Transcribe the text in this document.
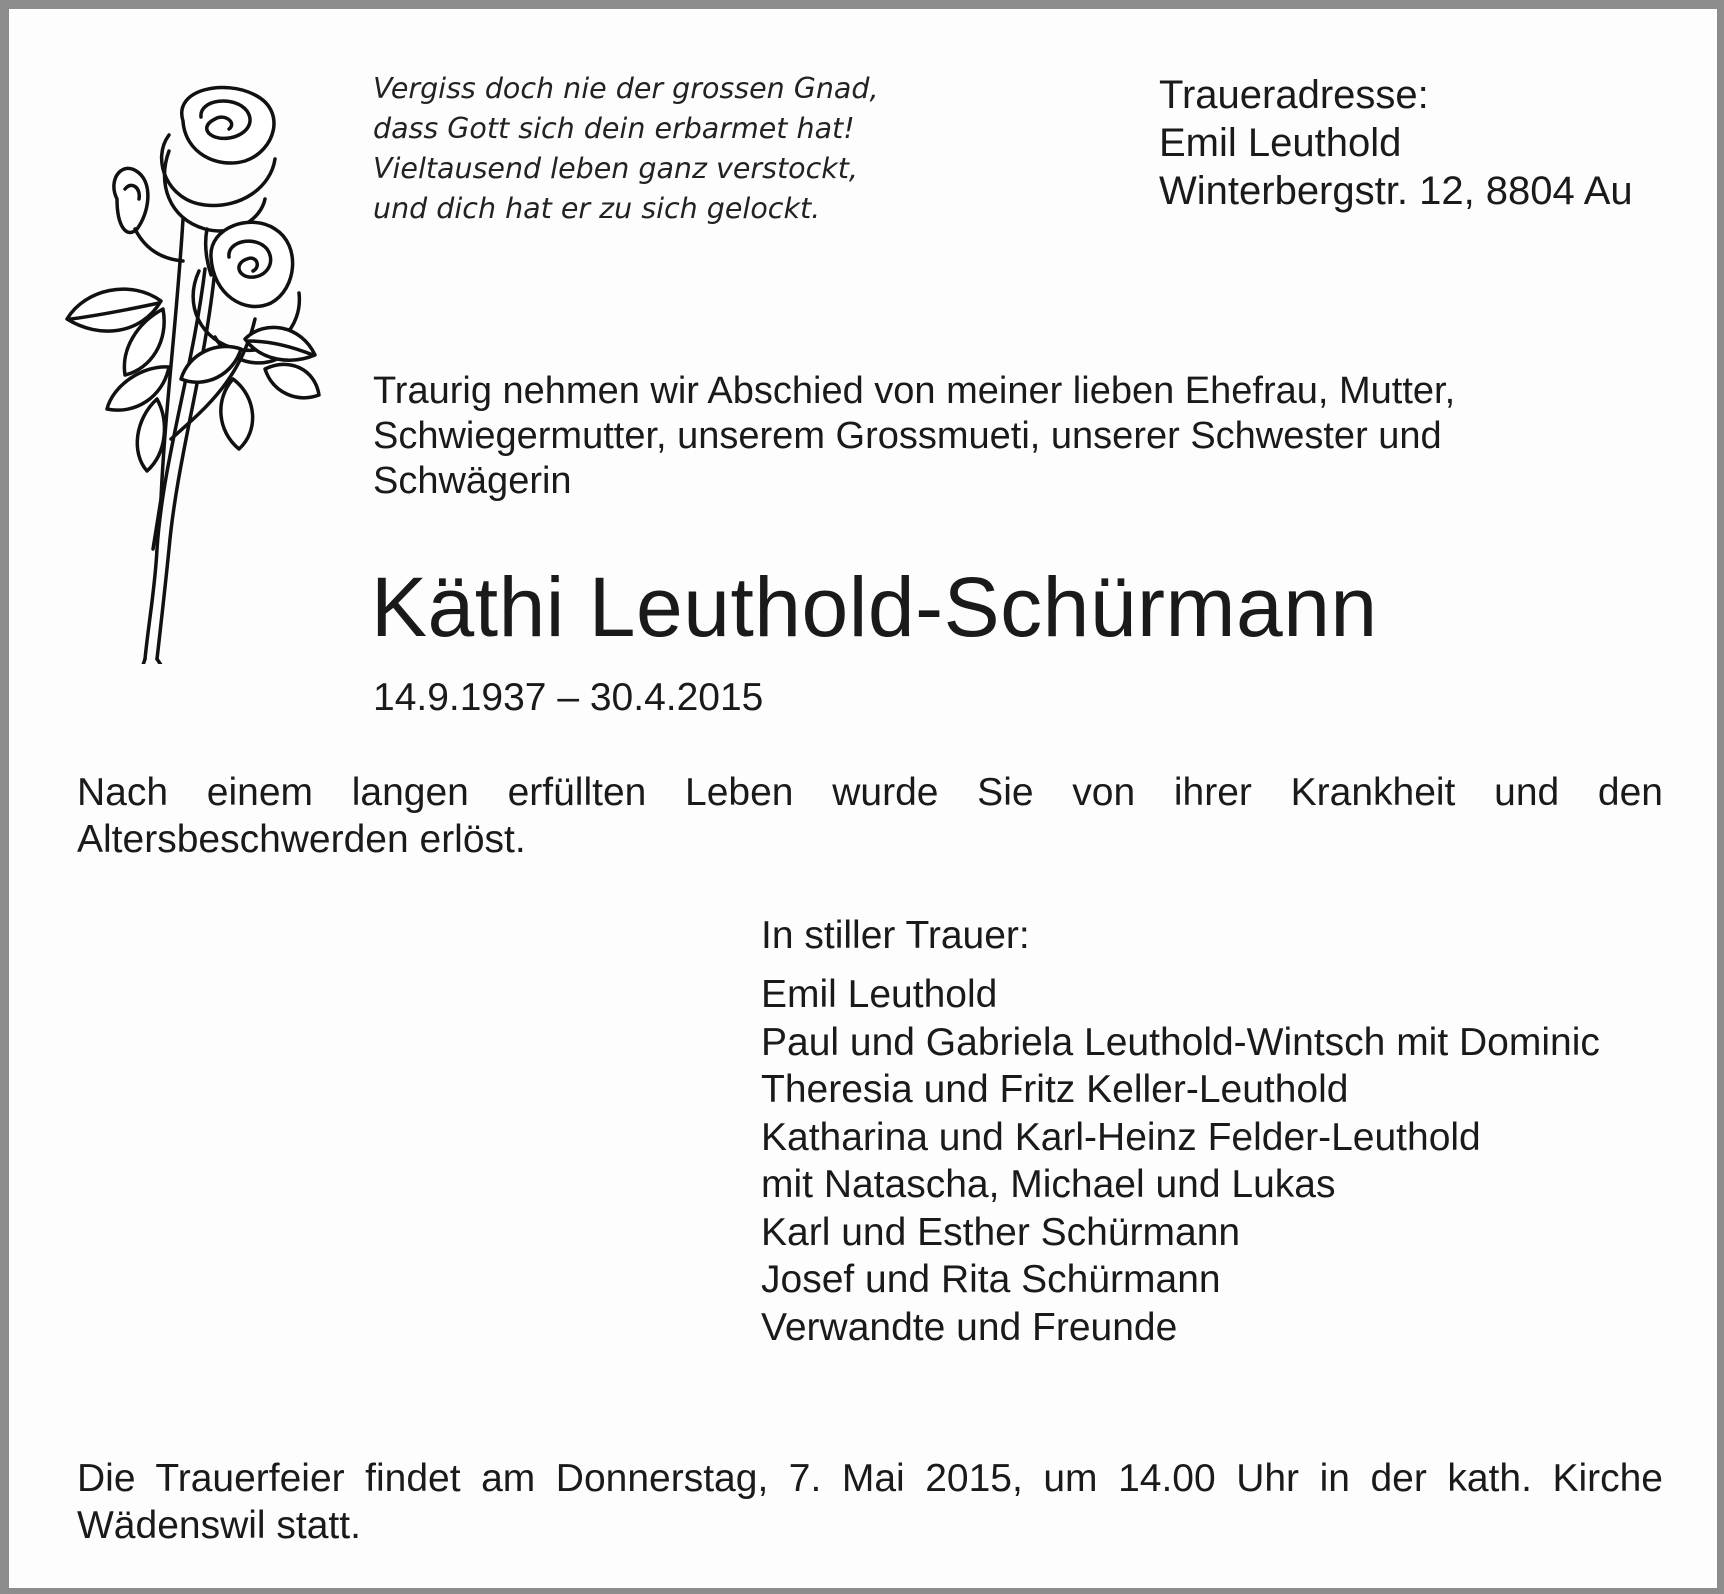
Vergiss doch nie der grossen Gnad,
dass Gott sich dein erbarmet hat!
Vieltausend leben ganz verstockt,
und dich hat er zu sich gelockt.
Traueradresse:
Emil Leuthold
Winterbergstr. 12, 8804 Au

Traurig nehmen wir Abschied von meiner lieben Ehefrau, Mutter, Schwiegermutter, unserem Grossmueti, unserer Schwester und Schwägerin

Käthi Leuthold-Schürmann
14.9.1937 – 30.4.2015

Nach einem langen erfüllten Leben wurde Sie von ihrer Krankheit und den Altersbeschwerden erlöst.

In stiller Trauer:
Emil Leuthold
Paul und Gabriela Leuthold-Wintsch mit Dominic
Theresia und Fritz Keller-Leuthold
Katharina und Karl-Heinz Felder-Leuthold
mit Natascha, Michael und Lukas
Karl und Esther Schürmann
Josef und Rita Schürmann
Verwandte und Freunde

Die Trauerfeier findet am Donnerstag, 7. Mai 2015, um 14.00 Uhr in der kath. Kirche Wädenswil statt.
